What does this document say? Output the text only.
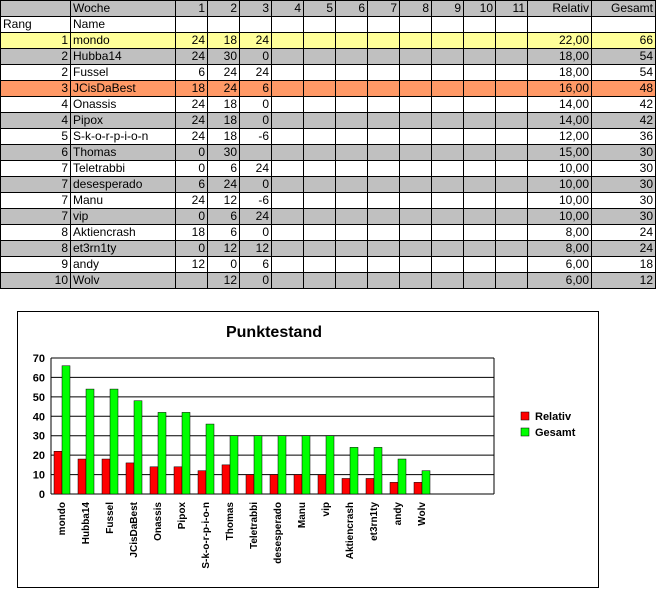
	Woche	1	2	3	4	5	6	7	8	9	10	11	Relativ	Gesamt
Rang	Name													
1	mondo	24	18	24									22,00	66
2	Hubba14	24	30	0									18,00	54
2	Fussel	6	24	24									18,00	54
3	JCisDaBest	18	24	6									16,00	48
4	Onassis	24	18	0									14,00	42
4	Pipox	24	18	0									14,00	42
5	S-k-o-r-p-i-o-n	24	18	-6									12,00	36
6	Thomas	0	30										15,00	30
7	Teletrabbi	0	6	24									10,00	30
7	desesperado	6	24	0									10,00	30
7	Manu	24	12	-6									10,00	30
7	vip	0	6	24									10,00	30
8	Aktiencrash	18	6	0									8,00	24
8	et3rn1ty	0	12	12									8,00	24
9	andy	12	0	6									6,00	18
10	Wolv		12	0									6,00	12
Punktestand
0
10
20
30
40
50
60
70
mondo Hubba14 Fussel JCisDaBest Onassis Pipox S-k-o-r-p-i-o-n Thomas Teletrabbi desesperado Manu vip Aktiencrash et3rn1ty andy Wolv
Relativ
Gesamt
